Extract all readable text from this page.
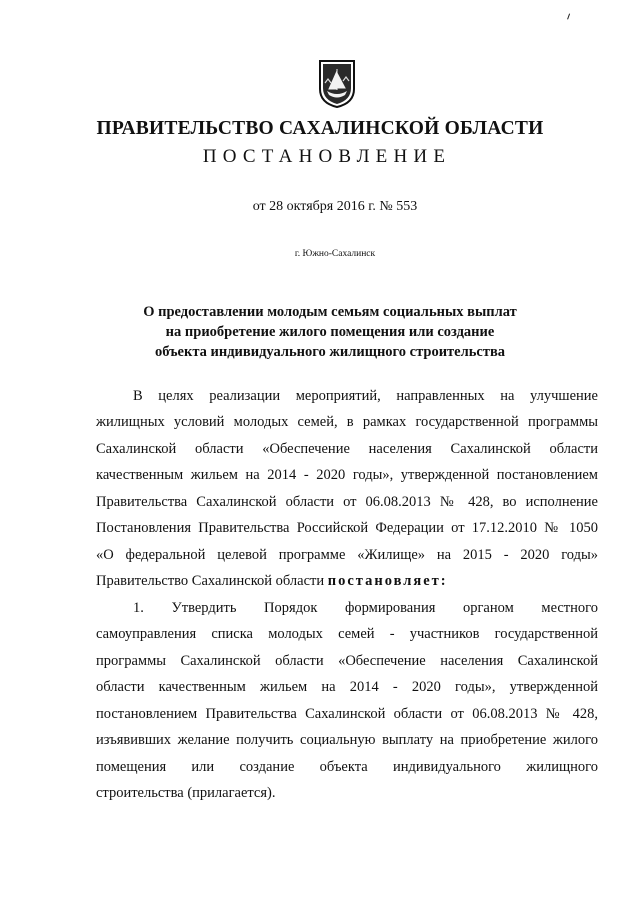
ПРАВИТЕЛЬСТВО САХАЛИНСКОЙ ОБЛАСТИ
ПОСТАНОВЛЕНИЕ
от 28 октября 2016 г. № 553
г. Южно-Сахалинск
О предоставлении молодым семьям социальных выплат
на приобретение жилого помещения или создание
объекта индивидуального жилищного строительства
В целях реализации мероприятий, направленных на улучшение
жилищных условий молодых семей, в рамках государственной программы
Сахалинской области «Обеспечение населения Сахалинской области
качественным жильем на 2014 - 2020 годы», утвержденной постановлением
Правительства Сахалинской области от 06.08.2013 № 428, во исполнение
Постановления Правительства Российской Федерации от 17.12.2010 № 1050
«О федеральной целевой программе «Жилище» на 2015 - 2020 годы»
Правительство Сахалинской области постановляет:
1. Утвердить Порядок формирования органом местного
самоуправления списка молодых семей - участников государственной
программы Сахалинской области «Обеспечение населения Сахалинской
области качественным жильем на 2014 - 2020 годы», утвержденной
постановлением Правительства Сахалинской области от 06.08.2013 № 428,
изъявивших желание получить социальную выплату на приобретение жилого
помещения или создание объекта индивидуального жилищного
строительства (прилагается).
